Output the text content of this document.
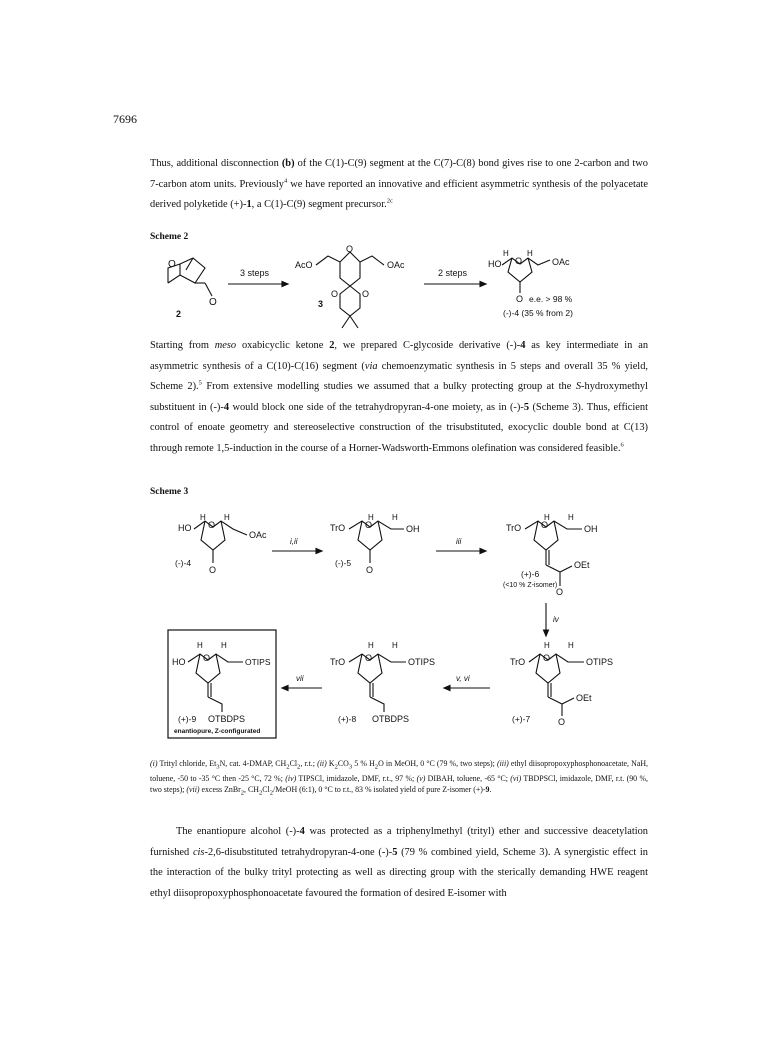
7696

Thus, additional disconnection (b) of the C(1)-C(9) segment at the C(7)-C(8) bond gives rise to one 2-carbon and two 7-carbon atom units. Previously$^4$ we have reported an innovative and efficient asymmetric synthesis of the polyacetate derived polyketide (+)-1, a C(1)-C(9) segment precursor.$^{2c}$

Scheme 2
O
O
2
3 steps
AcO
O
OAc
O	O
3
2 steps
H H
HO O	OAc
O e.e. > 98 %
(-)-4 (35 % from 2)

Starting from meso oxabicyclic ketone 2, we prepared C-glycoside derivative (-)-4 as key intermediate in an asymmetric synthesis of a C(10)-C(16) segment (via chemoenzymatic synthesis in 5 steps and overall 35 % yield, Scheme 2).$^5$ From extensive modelling studies we assumed that a bulky protecting group at the S-hydroxymethyl substituent in (-)-4 would block one side of the tetrahydropyran-4-one moiety, as in (-)-5 (Scheme 3). Thus, efficient control of enoate geometry and stereoselective construction of the trisubstituted, exocyclic double bond at C(13) through remote 1,5-induction in the course of a Horner-Wadsworth-Emmons olefination was considered feasible.$^6$

Scheme 3
H H
HO O
OAc
O
(-)-4
i,ii
H H
TrO O	OH
O
(-)-5
iii
H H
TrO O	OH
OEt
O
(+)-6
(<10 % Z-isomer)
iv
H H
TrO O	OTIPS
OEt
O
(+)-7
v, vi
H H
TrO O	OTIPS
OTBDPS
(+)-8
vii
H H
HO O	OTIPS
OTBDPS
(+)-9
enantiopure, Z-configurated

(i) Trityl chloride, $Et_3N$, cat. 4-DMAP, $CH_2Cl_2$, r.t.; (ii) $K_2CO_3$ 5 % $H_2O$ in MeOH, 0 °C (79 %, two steps); (iii) ethyl diisopropoxyphosphonoacetate, NaH, toluene, -50 to -35 °C then -25 °C, 72 %; (iv) TIPSCl, imidazole, DMF, r.t., 97 %; (v) DIBAH, toluene, -65 °C; (vi) TBDPSCl, imidazole, DMF, r.t. (90 %, two steps); (vii) excess ZnBr$_2$, $CH_2Cl_2$/MeOH (6:1), 0 °C to r.t., 83 % isolated yield of pure Z-isomer (+)-9.

The enantiopure alcohol (-)-4 was protected as a triphenylmethyl (trityl) ether and successive deacetylation furnished cis-2,6-disubstituted tetrahydropyran-4-one (-)-5 (79 % combined yield, Scheme 3). A synergistic effect in the interaction of the bulky trityl protecting as well as directing group with the sterically demanding HWE reagent ethyl diisopropoxyphosphonoacetate favoured the formation of desired E-isomer with
